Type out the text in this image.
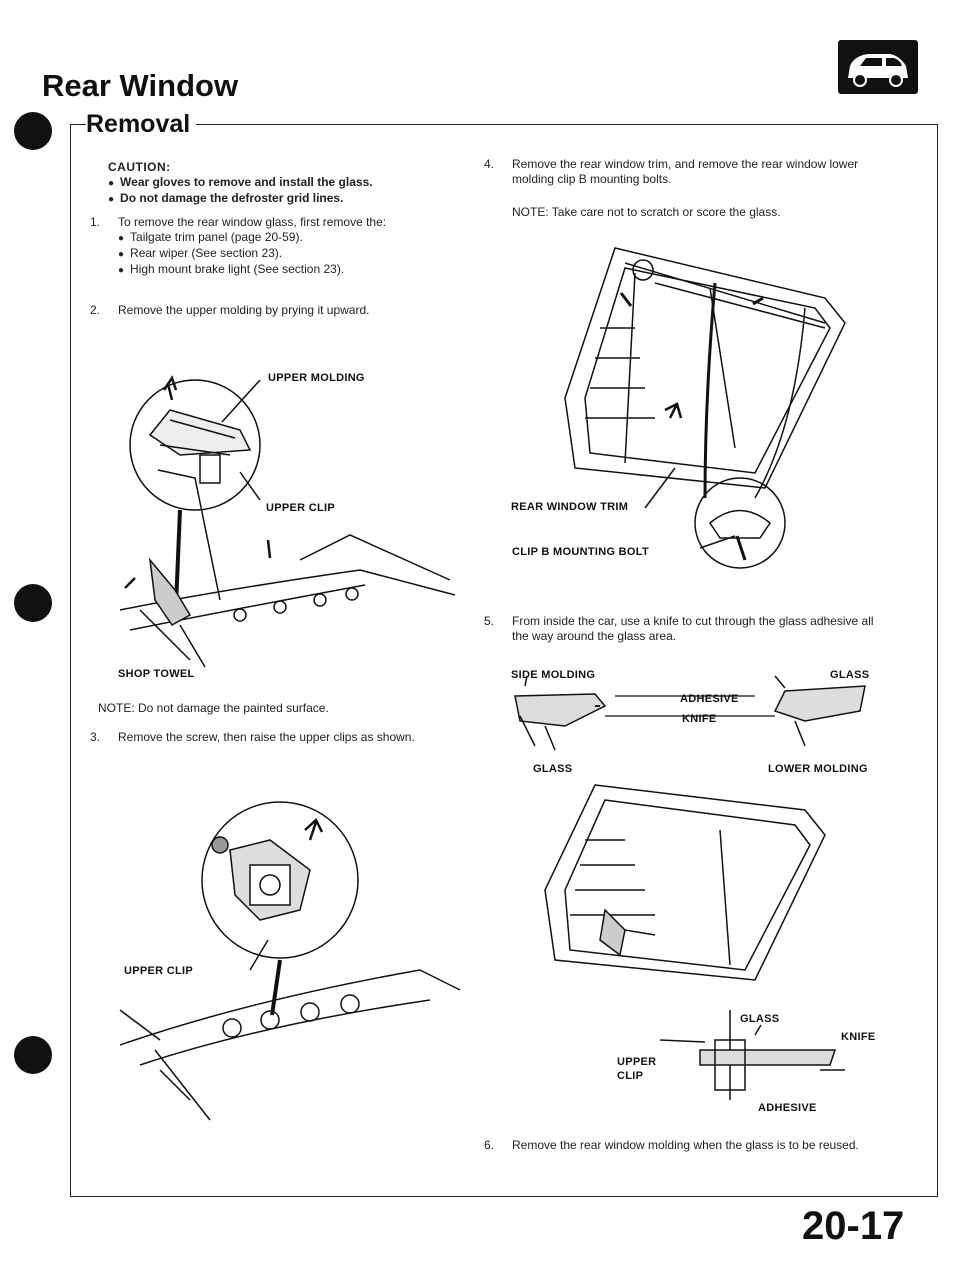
Rear Window
Removal
CAUTION:
● Wear gloves to remove and install the glass.
● Do not damage the defroster grid lines.
1.	To remove the rear window glass, first remove the:
● Tailgate trim panel (page 20-59).
● Rear wiper (See section 23).
● High mount brake light (See section 23).
2.	Remove the upper molding by prying it upward.
UPPER MOLDING
UPPER CLIP
SHOP TOWEL
NOTE: Do not damage the painted surface.
3.	Remove the screw, then raise the upper clips as shown.
UPPER CLIP
4.	Remove the rear window trim, and remove the rear window lower molding clip B mounting bolts.
NOTE: Take care not to scratch or score the glass.
REAR WINDOW TRIM
CLIP B MOUNTING BOLT
5.	From inside the car, use a knife to cut through the glass adhesive all the way around the glass area.
SIDE MOLDING	GLASS
ADHESIVE
KNIFE
GLASS	LOWER MOLDING
GLASS
KNIFE
UPPER
CLIP
ADHESIVE
6.	Remove the rear window molding when the glass is to be reused.
20-17
